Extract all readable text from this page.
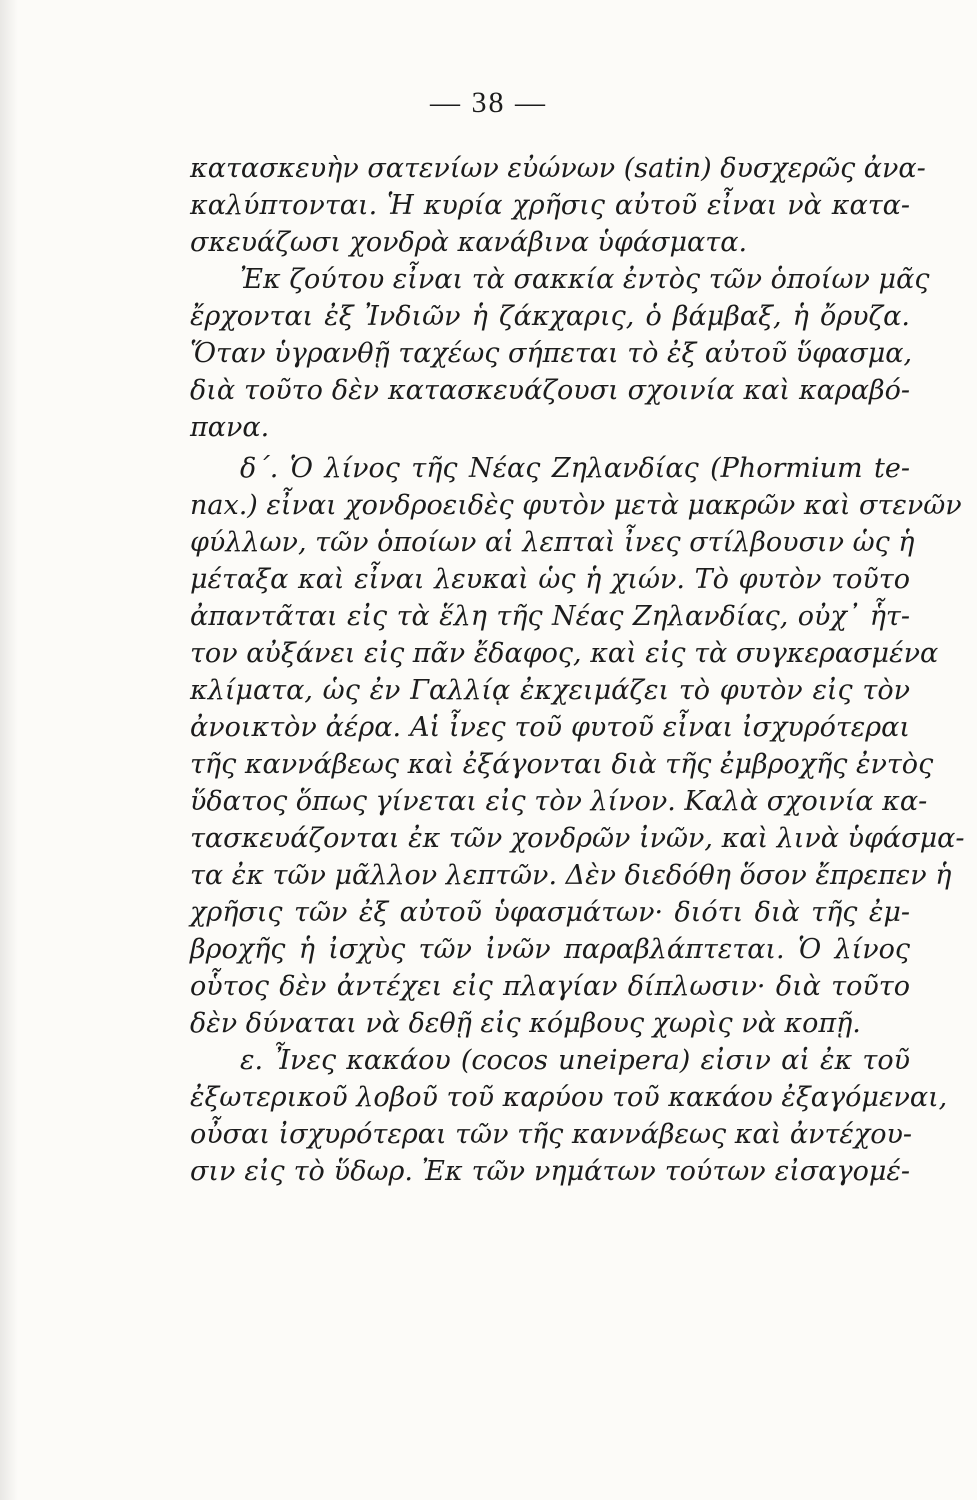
— 38 —
κατασκευὴν σατενίων εὐώνων (satin) δυσχερῶς ἀνα-
καλύπτονται. Ἡ κυρία χρῆσις αὐτοῦ εἶναι νὰ κατα-
σκευάζωσι χονδρὰ κανάβινα ὑφάσματα.
Ἐκ ζούτου εἶναι τὰ σακκία ἐντὸς τῶν ὁποίων μᾶς
ἔρχονται ἐξ Ἰνδιῶν ἡ ζάκχαρις, ὁ βάμβαξ, ἡ ὄρυζα.
Ὅταν ὑγρανθῇ ταχέως σήπεται τὸ ἐξ αὐτοῦ ὕφασμα,
διὰ τοῦτο δὲν κατασκευάζουσι σχοινία καὶ καραβό-
πανα.
δ΄. Ὁ λίνος τῆς Νέας Ζηλανδίας (Phormium te-
nax.) εἶναι χονδροειδὲς φυτὸν μετὰ μακρῶν καὶ στενῶν
φύλλων, τῶν ὁποίων αἱ λεπταὶ ἶνες στίλβουσιν ὡς ἡ
μέταξα καὶ εἶναι λευκαὶ ὡς ἡ χιών. Τὸ φυτὸν τοῦτο
ἀπαντᾶται εἰς τὰ ἕλη τῆς Νέας Ζηλανδίας, οὐχ᾽ ἧτ-
τον αὐξάνει εἰς πᾶν ἔδαφος, καὶ εἰς τὰ συγκερασμένα
κλίματα, ὡς ἐν Γαλλίᾳ ἐκχειμάζει τὸ φυτὸν εἰς τὸν
ἀνοικτὸν ἀέρα. Αἱ ἶνες τοῦ φυτοῦ εἶναι ἰσχυρότεραι
τῆς καννάβεως καὶ ἐξάγονται διὰ τῆς ἐμβροχῆς ἐντὸς
ὕδατος ὅπως γίνεται εἰς τὸν λίνον. Καλὰ σχοινία κα-
τασκευάζονται ἐκ τῶν χονδρῶν ἰνῶν, καὶ λινὰ ὑφάσμα-
τα ἐκ τῶν μᾶλλον λεπτῶν. Δὲν διεδόθη ὅσον ἔπρεπεν ἡ
χρῆσις τῶν ἐξ αὐτοῦ ὑφασμάτων· διότι διὰ τῆς ἐμ-
βροχῆς ἡ ἰσχὺς τῶν ἰνῶν παραβλάπτεται. Ὁ λίνος
οὗτος δὲν ἀντέχει εἰς πλαγίαν δίπλωσιν· διὰ τοῦτο
δὲν δύναται νὰ δεθῇ εἰς κόμβους χωρὶς νὰ κοπῇ.
ε. Ἶνες κακάου (cocos uneipera) εἰσιν αἱ ἐκ τοῦ
ἐξωτερικοῦ λοβοῦ τοῦ καρύου τοῦ κακάου ἐξαγόμεναι,
οὖσαι ἰσχυρότεραι τῶν τῆς καννάβεως καὶ ἀντέχου-
σιν εἰς τὸ ὕδωρ. Ἐκ τῶν νημάτων τούτων εἰσαγομέ-
